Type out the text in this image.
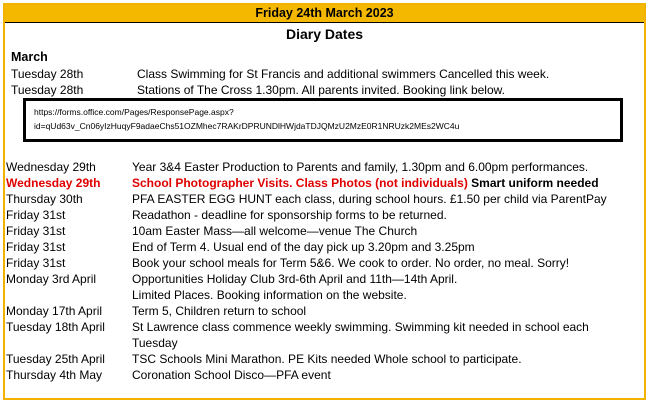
Friday 24th March 2023
Diary Dates
March
Tuesday 28th	Class Swimming for St Francis and additional swimmers Cancelled this week.
Tuesday 28th	Stations of The Cross 1.30pm. All parents invited. Booking link below.
https://forms.office.com/Pages/ResponsePage.aspx?
id=qUd63v_Cn06yIzHuqyF9adaeChs51OZMhec7RAKrDPRUNDlHWjdaTDJQMzU2MzE0R1NRUzk2MEs2WC4u
Wednesday 29th	Year 3&4 Easter Production to Parents and family, 1.30pm and 6.00pm performances.
Wednesday 29th	School Photographer Visits. Class Photos (not individuals) Smart uniform needed
Thursday 30th	PFA EASTER EGG HUNT each class, during school hours. £1.50 per child via ParentPay
Friday 31st	Readathon - deadline for sponsorship forms to be returned.
Friday 31st	10am Easter Mass—all welcome—venue The Church
Friday 31st	End of Term 4. Usual end of the day pick up 3.20pm and 3.25pm
Friday 31st	Book your school meals for Term 5&6. We cook to order. No order, no meal. Sorry!
Monday 3rd April	Opportunities Holiday Club 3rd-6th April and 11th—14th April.
Limited Places. Booking information on the website.
Monday 17th April	Term 5, Children return to school
Tuesday 18th April	St Lawrence class commence weekly swimming. Swimming kit needed in school each Tuesday
Tuesday 25th April	TSC Schools Mini Marathon. PE Kits needed Whole school to participate.
Thursday 4th May	Coronation School Disco—PFA event
